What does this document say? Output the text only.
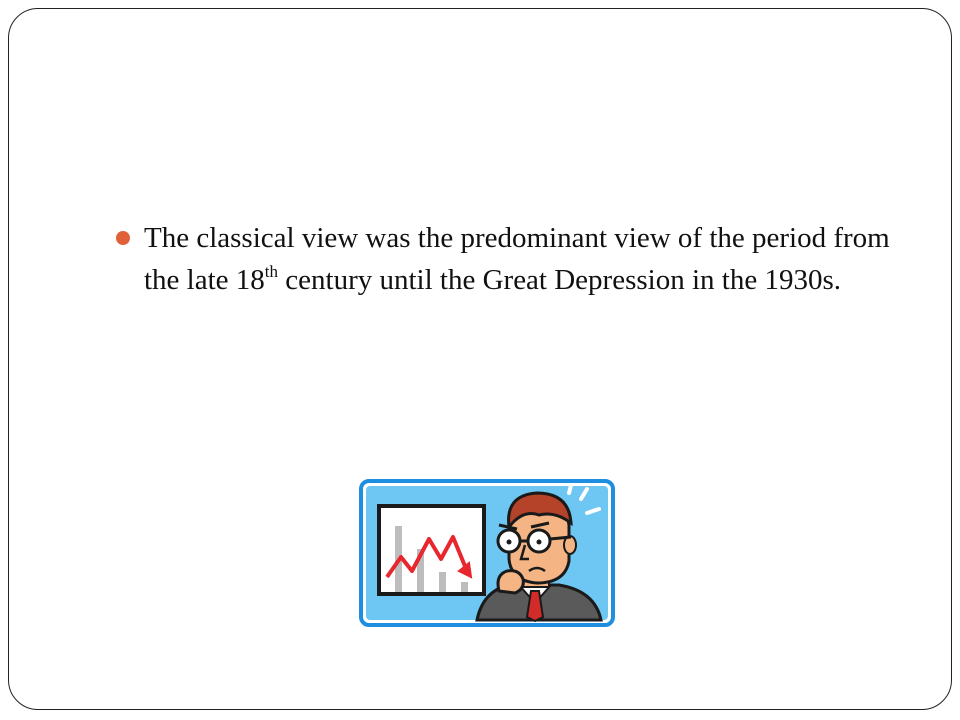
The classical view was the predominant view of the period from the late 18th century until the Great Depression in the 1930s.
